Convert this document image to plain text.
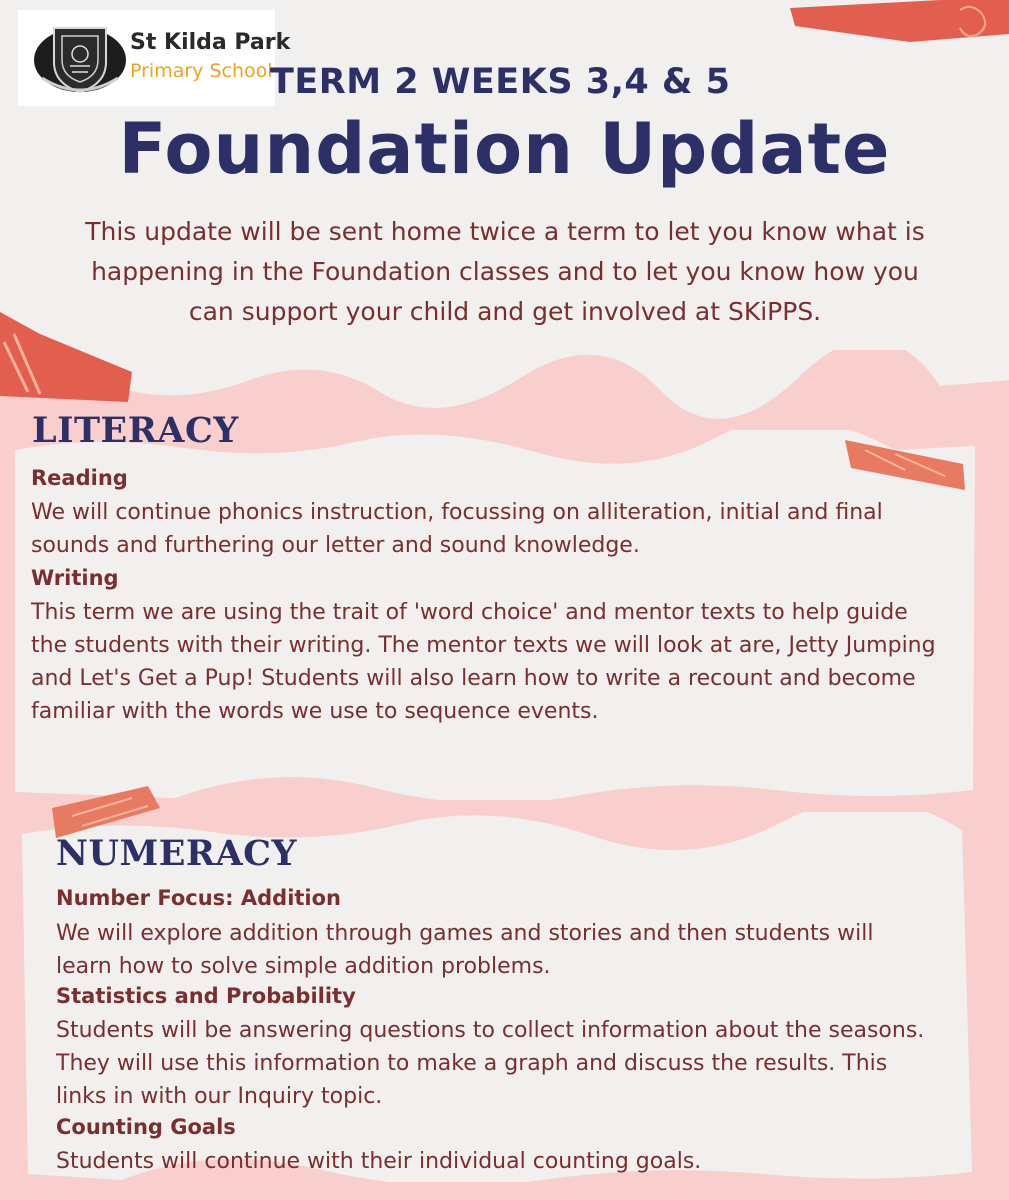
St Kilda Park
Primary School
TERM 2 WEEKS 3,4 & 5
Foundation Update
This update will be sent home twice a term to let you know what is happening in the Foundation classes and to let you know how you can support your child and get involved at SKiPPS.
LITERACY
Reading
We will continue phonics instruction, focussing on alliteration, initial and final sounds and furthering our letter and sound knowledge.
Writing
This term we are using the trait of 'word choice' and mentor texts to help guide the students with their writing. The mentor texts we will look at are, Jetty Jumping and Let's Get a Pup! Students will also learn how to write a recount and become familiar with the words we use to sequence events.
NUMERACY
Number Focus: Addition
We will explore addition through games and stories and then students will learn how to solve simple addition problems.
Statistics and Probability
Students will be answering questions to collect information about the seasons. They will use this information to make a graph and discuss the results. This links in with our Inquiry topic.
Counting Goals
Students will continue with their individual counting goals.
